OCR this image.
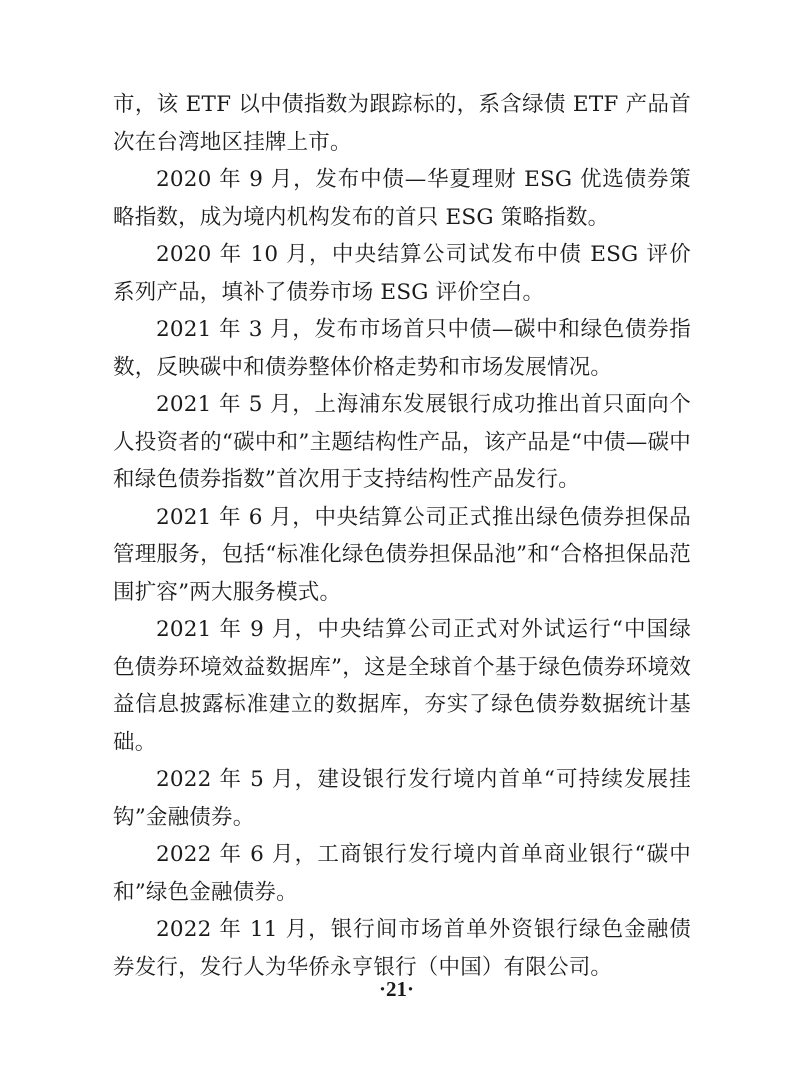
市，该 ETF 以中债指数为跟踪标的，系含绿债 ETF 产品首次在台湾地区挂牌上市。

2020 年 9 月，发布中债—华夏理财 ESG 优选债券策略指数，成为境内机构发布的首只 ESG 策略指数。

2020 年 10 月，中央结算公司试发布中债 ESG 评价系列产品，填补了债券市场 ESG 评价空白。

2021 年 3 月，发布市场首只中债—碳中和绿色债券指数，反映碳中和债券整体价格走势和市场发展情况。

2021 年 5 月，上海浦东发展银行成功推出首只面向个人投资者的“碳中和”主题结构性产品，该产品是“中债—碳中和绿色债券指数”首次用于支持结构性产品发行。

2021 年 6 月，中央结算公司正式推出绿色债券担保品管理服务，包括“标准化绿色债券担保品池”和“合格担保品范围扩容”两大服务模式。

2021 年 9 月，中央结算公司正式对外试运行“中国绿色债券环境效益数据库”，这是全球首个基于绿色债券环境效益信息披露标准建立的数据库，夯实了绿色债券数据统计基础。

2022 年 5 月，建设银行发行境内首单“可持续发展挂钩”金融债券。

2022 年 6 月，工商银行发行境内首单商业银行“碳中和”绿色金融债券。

2022 年 11 月，银行间市场首单外资银行绿色金融债券发行，发行人为华侨永亨银行（中国）有限公司。

·21·
